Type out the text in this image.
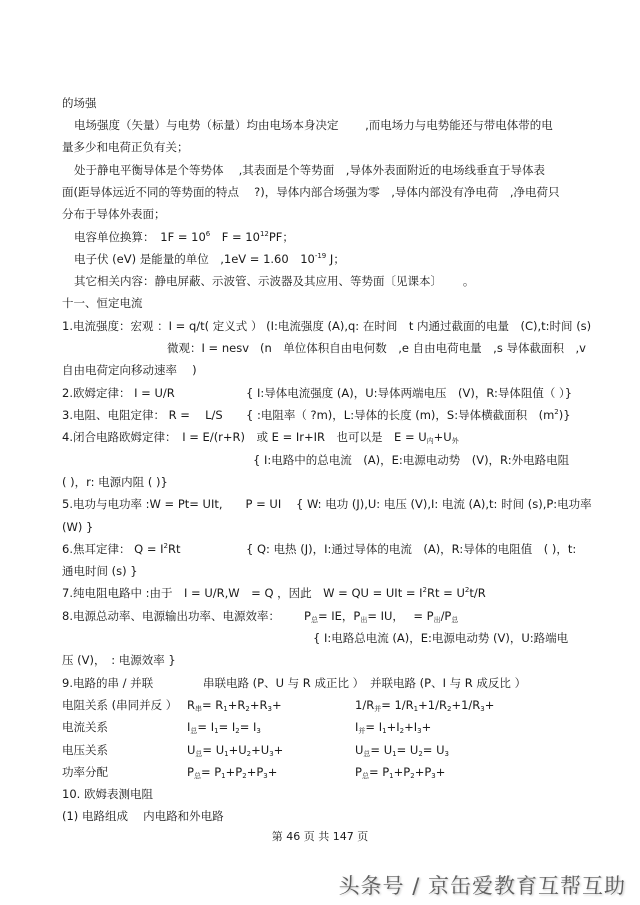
的场强
电场强度（矢量）与电势（标量）均由电场本身决定　　 ,而电场力与电势能还与带电体带的电
量多少和电荷正负有关；
处于静电平衡导体是个等势体　 ,其表面是个等势面　,导体外表面附近的电场线垂直于导体表
面(距导体远近不同的等势面的特点　 ?)，导体内部合场强为零　,导体内部没有净电荷　,净电荷只
分布于导体外表面；
电容单位换算：　$1F = 10^6$　$F = 10^{12}PF$；
电子伏 (eV) 是能量的单位　,1eV = 1.60　$10^{-19}$ J；
其它相关内容：静电屏蔽、示波管、示波器及其应用、等势面〔见课本〕　　 。
十一、恒定电流
1.电流强度：宏观 ：I = q/t( 定义式 ） (I:电流强度 (A),q: 在时间　t 内通过截面的电量　(C),t:时间 (s)
微观：I = nesv (n　单位体积自由电何数　,e 自由电荷电量　,s 导体截面积　,v
自由电荷定向移动速率　 )
2.欧姆定律： I = U/R	{ I:导体电流强度 (A)，U:导体两端电压　(V)，R:导体阻值（ ）}
3.电阻、电阻定律： R =　 L/S { :电阻率（ ?m)，L:导体的长度 (m)，S:导体横截面积　$(m^2)$}
4.闭合电路欧姆定律：　I = E/(r+R)　或 E = Ir+IR　也可以是　$E = U_内+U_外$
{ I:电路中的总电流　(A)，E:电源电动势　(V)，R:外电路电阻
( )，r: 电源内阻 ( )}
5.电功与电功率 :W = Pt= UIt,　　P = UI { W: 电功 (J),U: 电压 (V),I: 电流 (A),t: 时间 (s),P:电功率
(W) }
6.焦耳定律： $Q = I^2Rt$	{ Q: 电热 (J)，I:通过导体的电流　(A)，R:导体的电阻值　( )，t:
通电时间 (s) }
7.纯电阻电路中 :由于　I = U/R,W　= Q ，因此　W = QU = UIt = $I^2Rt = U^2t/R$
8.电源总动率、电源输出功率、电源效率： $P_总=$ IE，$P_出=$ IU，　 = $P_出/P_总$
{ I:电路总电流 (A)，E:电源电动势 (V)，U:路端电
压 (V)，　: 电源效率 }
9.电路的串 / 并联	串联电路 (P、U 与 R 成正比 ） 并联电路 (P、I 与 R 成反比 ）
电阻关系 (串同并反 ） $R_串= R_1+R_2+R_3+$	$1/R_并= 1/R_1+1/R_2+1/R_3+$
电流关系	$I_总= I_1= I_2= I_3$	$I_并= I_1+I_2+I_3+$
电压关系	$U_总= U_1+U_2+U_3+$	$U_总= U_1= U_2= U_3$
功率分配	$P_总= P_1+P_2+P_3+$	$P_总= P_1+P_2+P_3+$
10. 欧姆表测电阻
(1) 电路组成　 内电路和外电路
第 46 页 共 147 页
头条号 / 京缶爱教育互帮互助
